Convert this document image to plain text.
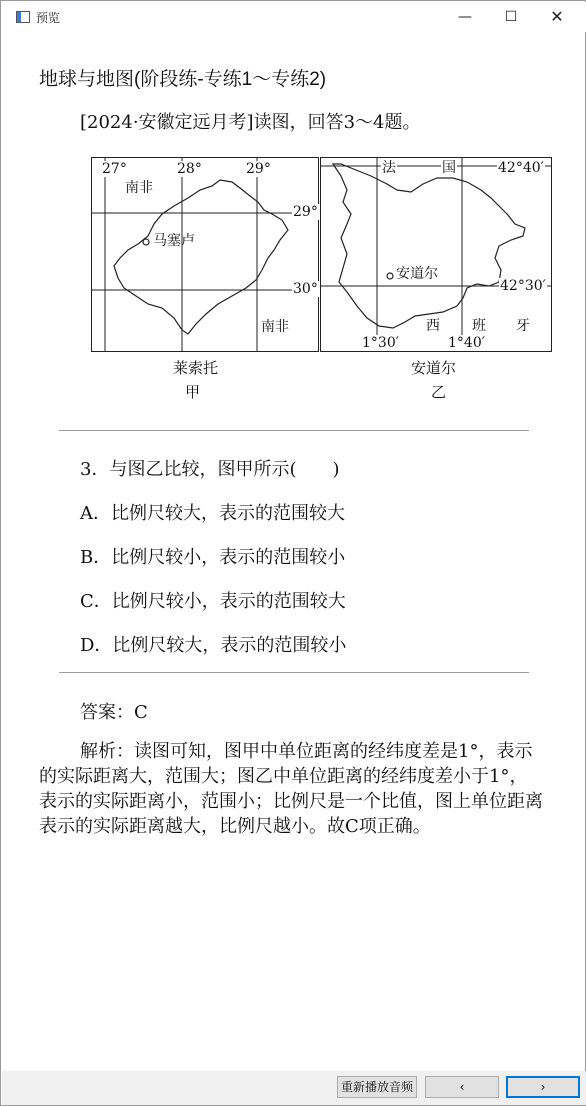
预览	—	☐	✕
地球与地图(阶段练-专练1～专练2)
[2024·安徽定远月考]读图，回答3～4题。
27°	28°	29°
29°
30°
南非
马塞卢
南非
法	国	42°40′
安道尔
42°30′
西 班 牙
1°30′	1°40′
莱索托
甲
安道尔
乙
3．与图乙比较，图甲所示(　　)
A．比例尺较大，表示的范围较大
B．比例尺较小，表示的范围较小
C．比例尺较小，表示的范围较大
D．比例尺较大，表示的范围较小
答案：C
解析：读图可知，图甲中单位距离的经纬度差是1°，表示的实际距离大，范围大；图乙中单位距离的经纬度差小于1°，表示的实际距离小，范围小；比例尺是一个比值，图上单位距离表示的实际距离越大，比例尺越小。故C项正确。
重新播放音频	‹	›
